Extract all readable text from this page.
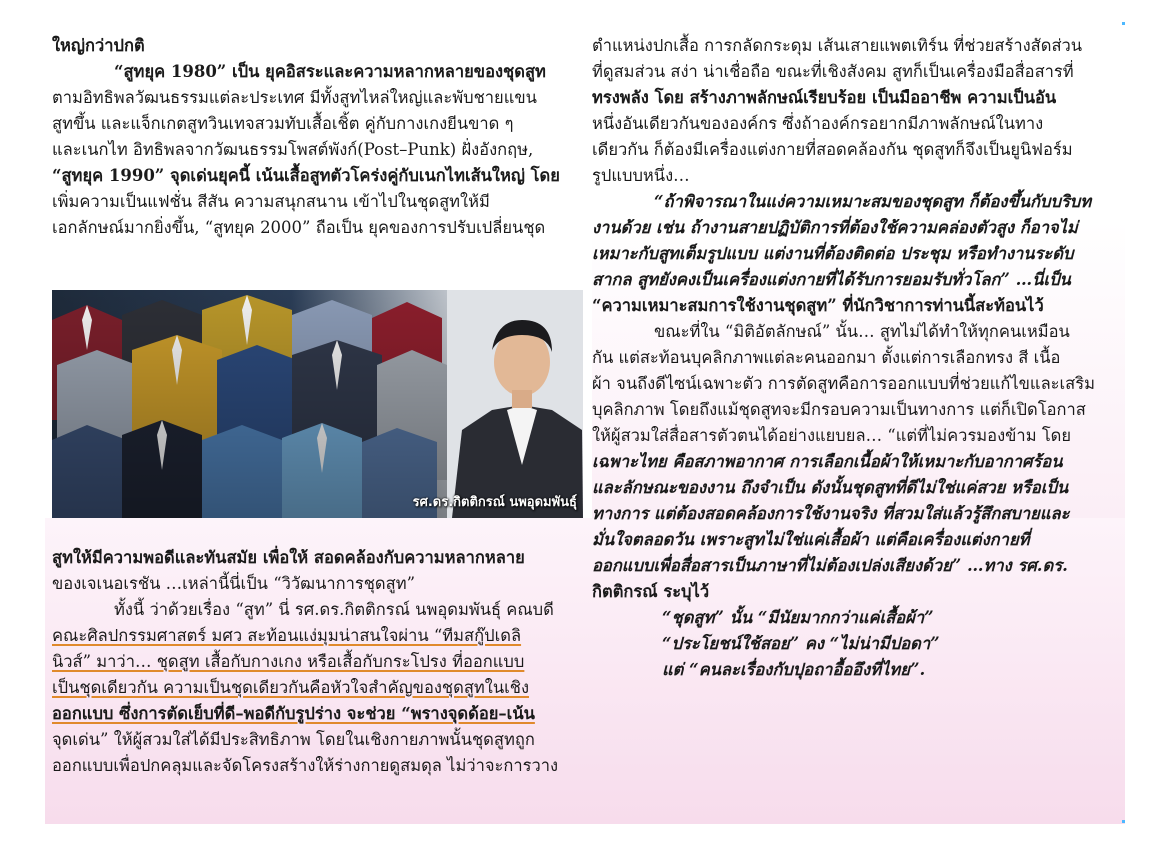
ใหญ่กว่าปกติ
“สูทยุค 1980” เป็น ยุคอิสระและความหลากหลายของชุดสูท
ตามอิทธิพลวัฒนธรรมแต่ละประเทศ มีทั้งสูทไหล่ใหญ่และพับชายแขน
สูทขึ้น และแจ็กเกตสูทวินเทจสวมทับเสื้อเชิ้ต คู่กับกางเกงยีนขาด ๆ
และเนกไท อิทธิพลจากวัฒนธรรมโพสต์พังก์(Post–Punk) ฝั่งอังกฤษ,
“สูทยุค 1990” จุดเด่นยุคนี้ เน้นเสื้อสูทตัวโคร่งคู่กับเนกไทเส้นใหญ่ โดย
เพิ่มความเป็นแฟชั่น สีสัน ความสนุกสนาน เข้าไปในชุดสูทให้มี
เอกลักษณ์มากยิ่งขึ้น, “สูทยุค 2000” ถือเป็น ยุคของการปรับเปลี่ยนชุด
รศ.ดร.กิตติกรณ์ นพอุดมพันธุ์
สูทให้มีความพอดีและทันสมัย เพื่อให้ สอดคล้องกับความหลากหลาย
ของเจเนอเรชัน …เหล่านี้นี่เป็น “วิวัฒนาการชุดสูท”
ทั้งนี้ ว่าด้วยเรื่อง “สูท” นี่ รศ.ดร.กิตติกรณ์ นพอุดมพันธุ์ คณบดี
คณะศิลปกรรมศาสตร์ มศว สะท้อนแง่มุมน่าสนใจผ่าน “ทีมสกู๊ปเดลิ
นิวส์” มาว่า… ชุดสูท เสื้อกับกางเกง หรือเสื้อกับกระโปรง ที่ออกแบบ
เป็นชุดเดียวกัน ความเป็นชุดเดียวกันคือหัวใจสำคัญของชุดสูทในเชิง
ออกแบบ ซึ่งการตัดเย็บที่ดี–พอดีกับรูปร่าง จะช่วย “พรางจุดด้อย–เน้น
จุดเด่น” ให้ผู้สวมใส่ได้มีประสิทธิภาพ โดยในเชิงกายภาพนั้นชุดสูทถูก
ออกแบบเพื่อปกคลุมและจัดโครงสร้างให้ร่างกายดูสมดุล ไม่ว่าจะการวาง
ตำแหน่งปกเสื้อ การกลัดกระดุม เส้นเสายแพตเทิร์น ที่ช่วยสร้างสัดส่วน
ที่ดูสมส่วน สง่า น่าเชื่อถือ ขณะที่เชิงสังคม สูทก็เป็นเครื่องมือสื่อสารที่
ทรงพลัง โดย สร้างภาพลักษณ์เรียบร้อย เป็นมืออาชีพ ความเป็นอัน
หนึ่งอันเดียวกันขององค์กร ซึ่งถ้าองค์กรอยากมีภาพลักษณ์ในทาง
เดียวกัน ก็ต้องมีเครื่องแต่งกายที่สอดคล้องกัน ชุดสูทก็จึงเป็นยูนิฟอร์ม
รูปแบบหนึ่ง…
“ถ้าพิจารณาในแง่ความเหมาะสมของชุดสูท ก็ต้องขึ้นกับบริบท
งานด้วย เช่น ถ้างานสายปฏิบัติการที่ต้องใช้ความคล่องตัวสูง ก็อาจไม่
เหมาะกับสูทเต็มรูปแบบ แต่งานที่ต้องติดต่อ ประชุม หรือทำงานระดับ
สากล สูทยังคงเป็นเครื่องแต่งกายที่ได้รับการยอมรับทั่วโลก” …นี่เป็น
“ความเหมาะสมการใช้งานชุดสูท” ที่นักวิชาการท่านนี้สะท้อนไว้
ขณะที่ใน “มิติอัตลักษณ์” นั้น… สูทไม่ได้ทำให้ทุกคนเหมือน
กัน แต่สะท้อนบุคลิกภาพแต่ละคนออกมา ตั้งแต่การเลือกทรง สี เนื้อ
ผ้า จนถึงดีไซน์เฉพาะตัว การตัดสูทคือการออกแบบที่ช่วยแก้ไขและเสริม
บุคลิกภาพ โดยถึงแม้ชุดสูทจะมีกรอบความเป็นทางการ แต่ก็เปิดโอกาส
ให้ผู้สวมใส่สื่อสารตัวตนได้อย่างแยบยล… “แต่ที่ไม่ควรมองข้าม โดย
เฉพาะไทย คือสภาพอากาศ การเลือกเนื้อผ้าให้เหมาะกับอากาศร้อน
และลักษณะของงาน ถึงจำเป็น ดังนั้นชุดสูทที่ดีไม่ใช่แค่สวย หรือเป็น
ทางการ แต่ต้องสอดคล้องการใช้งานจริง ที่สวมใส่แล้วรู้สึกสบายและ
มั่นใจตลอดวัน เพราะสูทไม่ใช่แค่เสื้อผ้า แต่คือเครื่องแต่งกายที่
ออกแบบเพื่อสื่อสารเป็นภาษาที่ไม่ต้องเปล่งเสียงด้วย” …ทาง รศ.ดร.
กิตติกรณ์ ระบุไว้
“ชุดสูท” นั้น “มีนัยมากกว่าแค่เสื้อผ้า”
“ประโยชน์ใช้สอย” คง “ไม่น่ามีปอดา”
แต่ “คนละเรื่องกับปุอถาอื้ออึงที่ไทย”.
